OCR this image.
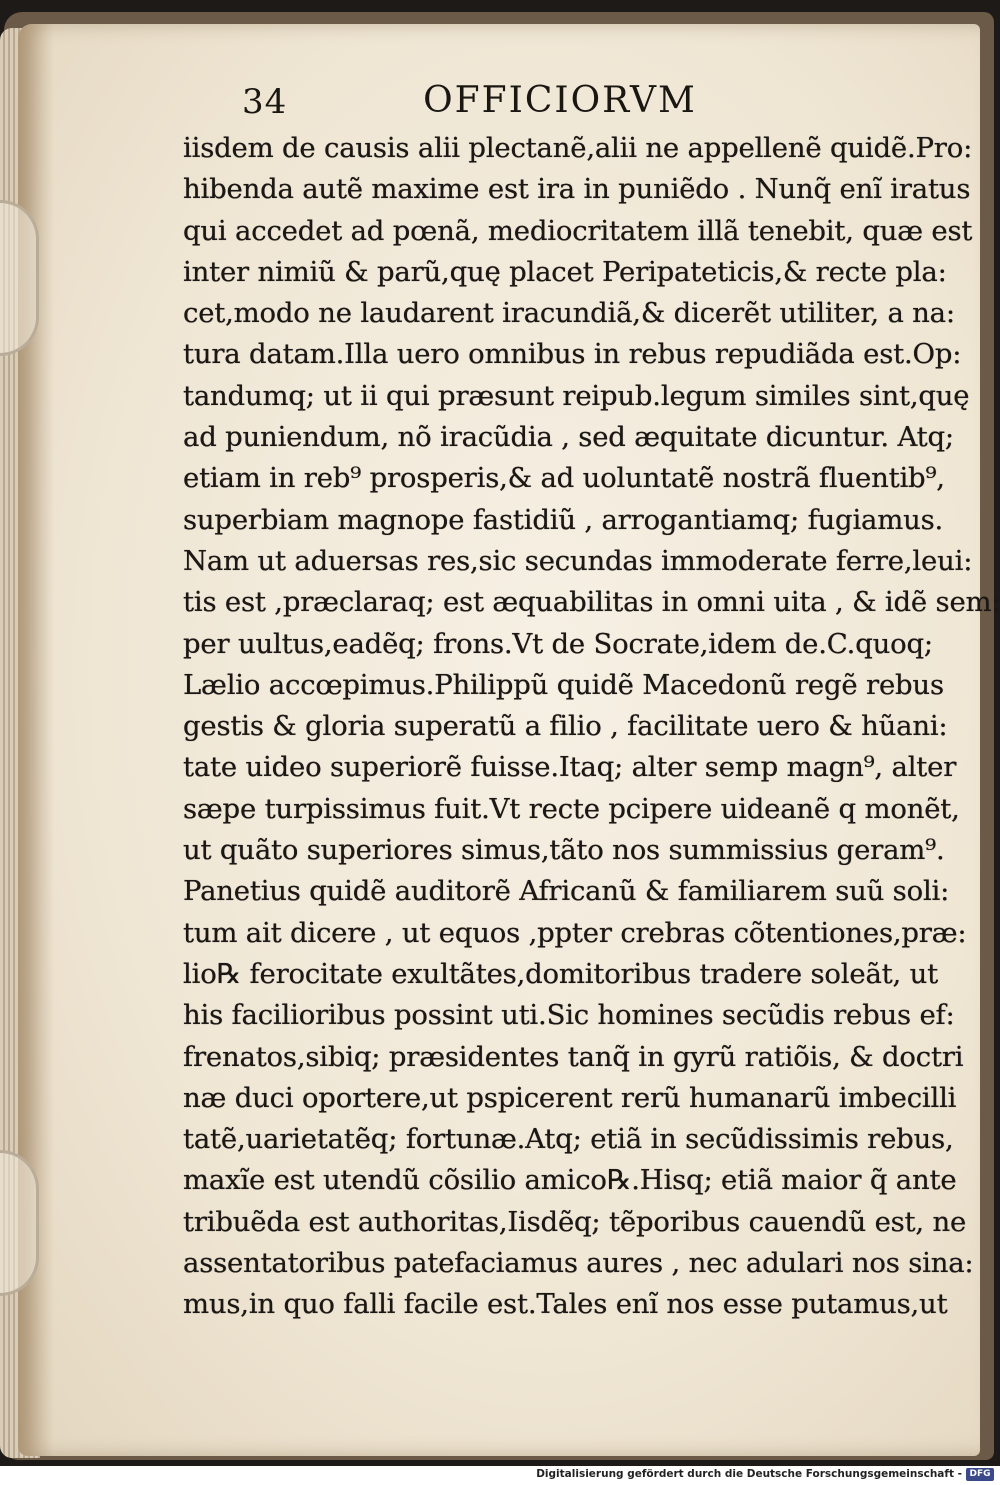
OFFICIORVM
34
iisdem de causis alii plectanẽ,alii ne appellenẽ quidẽ.Pro:
hibenda autẽ maxime est ira in puniẽdo . Nunq̃ enĩ iratus
qui accedet ad pœnã, mediocritatem illã tenebit, quæ est
inter nimiũ & parũ,quę placet Peripateticis,& recte pla:
cet,modo ne laudarent iracundiã,& dicerẽt utiliter, a na:
tura datam.Illa uero omnibus in rebus repudiãda est.Op:
tandumq; ut ii qui præsunt reipub.legum similes sint,quę
ad puniendum, nõ iracũdia , sed æquitate dicuntur. Atq;
etiam in reb⁹ prosperis,& ad uoluntatẽ nostrã fluentib⁹,
superbiam magnope fastidiũ , arrogantiamq; fugiamus.
Nam ut aduersas res,sic secundas immoderate ferre,leui:
tis est ,præclaraq; est æquabilitas in omni uita , & idẽ sem:
per uultus,eadẽq; frons.Vt de Socrate,idem de.C.quoq;
Lælio accœpimus.Philippũ quidẽ Macedonũ regẽ rebus
gestis & gloria superatũ a filio , facilitate uero & hũani:
tate uideo superiorẽ fuisse.Itaq; alter semp magn⁹, alter
sæpe turpissimus fuit.Vt recte pcipere uideanẽ q monẽt,
ut quãto superiores simus,tãto nos summissius geram⁹.
Panetius quidẽ auditorẽ Africanũ & familiarem suũ soli:
tum ait dicere , ut equos ,ppter crebras cõtentiones,præ:
lio℞ ferocitate exultãtes,domitoribus tradere soleãt, ut
his facilioribus possint uti.Sic homines secũdis rebus ef:
frenatos,sibiq; præsidentes tanq̃ in gyrũ ratiõis, & doctri
næ duci oportere,ut pspicerent rerũ humanarũ imbecilli
tatẽ,uarietatẽq; fortunæ.Atq; etiã in secũdissimis rebus,
maxĩe est utendũ cõsilio amico℞.Hisq; etiã maior q̃ ante
tribuẽda est authoritas,Iisdẽq; tẽporibus cauendũ est, ne
assentatoribus patefaciamus aures , nec adulari nos sina:
mus,in quo falli facile est.Tales enĩ nos esse putamus,ut
Digitalisierung gefördert durch die Deutsche Forschungsgemeinschaft - DFG
